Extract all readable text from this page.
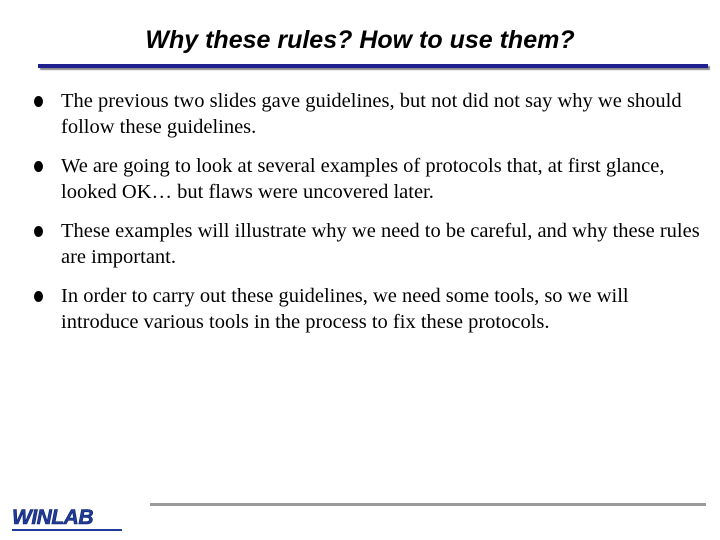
Why these rules? How to use them?
The previous two slides gave guidelines, but not did not say why we should follow these guidelines.
We are going to look at several examples of protocols that, at first glance, looked OK… but flaws were uncovered later.
These examples will illustrate why we need to be careful, and why these rules are important.
In order to carry out these guidelines, we need some tools, so we will introduce various tools in the process to fix these protocols.
WINLAB
